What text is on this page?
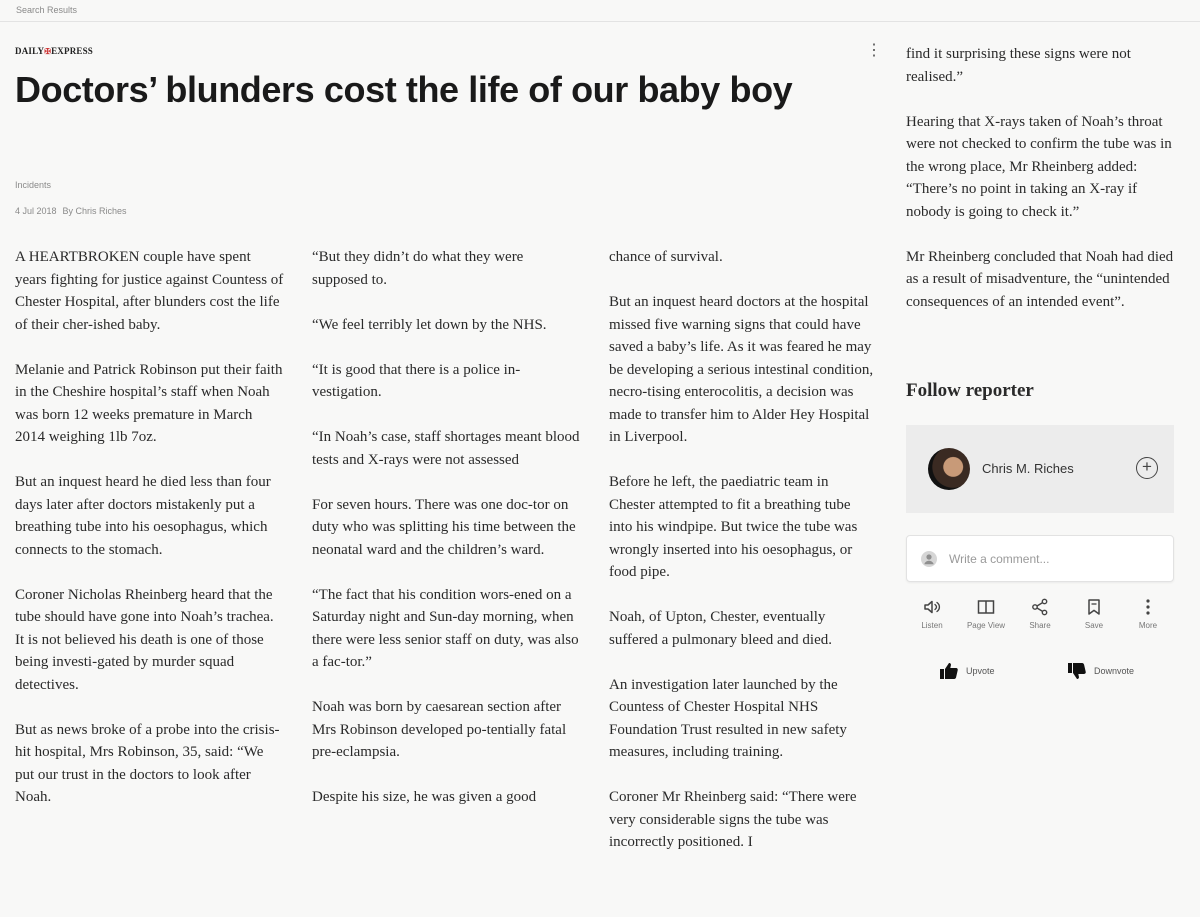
Search Results
DAILY✠EXPRESS	⋮
Doctors’ blunders cost the life of our baby boy
Incidents
4 Jul 2018 By Chris Riches

A HEARTBROKEN couple have spent years fighting for justice against Countess of Chester Hospital, after blunders cost the life of their cher-ished baby.

Melanie and Patrick Robinson put their faith in the Cheshire hospital’s staff when Noah was born 12 weeks premature in March 2014 weighing 1lb 7oz.

But an inquest heard he died less than four days later after doctors mistakenly put a breathing tube into his oesophagus, which connects to the stomach.

Coroner Nicholas Rheinberg heard that the tube should have gone into Noah’s trachea. It is not believed his death is one of those being investi-gated by murder squad detectives.

But as news broke of a probe into the crisis-hit hospital, Mrs Robinson, 35, said: “We put our trust in the doctors to look after Noah.

“But they didn’t do what they were supposed to.

“We feel terribly let down by the NHS.

“It is good that there is a police in-vestigation.

“In Noah’s case, staff shortages meant blood tests and X-rays were not assessed

For seven hours. There was one doc-tor on duty who was splitting his time between the neonatal ward and the children’s ward.

“The fact that his condition wors-ened on a Saturday night and Sun-day morning, when there were less senior staff on duty, was also a fac-tor.”

Noah was born by caesarean section after Mrs Robinson developed po-tentially fatal pre-eclampsia.

Despite his size, he was given a good

chance of survival.

But an inquest heard doctors at the hospital missed five warning signs that could have saved a baby’s life. As it was feared he may be developing a serious intestinal condition, necro-tising enterocolitis, a decision was made to transfer him to Alder Hey Hospital in Liverpool.

Before he left, the paediatric team in Chester attempted to fit a breathing tube into his windpipe. But twice the tube was wrongly inserted into his oesophagus, or food pipe.

Noah, of Upton, Chester, eventually suffered a pulmonary bleed and died.

An investigation later launched by the Countess of Chester Hospital NHS Foundation Trust resulted in new safety measures, including training.

Coroner Mr Rheinberg said: “There were very considerable signs the tube was incorrectly positioned. I

find it surprising these signs were not realised.”

Hearing that X-rays taken of Noah’s throat were not checked to confirm the tube was in the wrong place, Mr Rheinberg added: “There’s no point in taking an X-ray if nobody is going to check it.”

Mr Rheinberg concluded that Noah had died as a result of misadventure, the “unintended consequences of an intended event”.

Follow reporter
Chris M. Riches	+
Write a comment...
Listen	Page View	Share	Save	More
Upvote	Downvote
